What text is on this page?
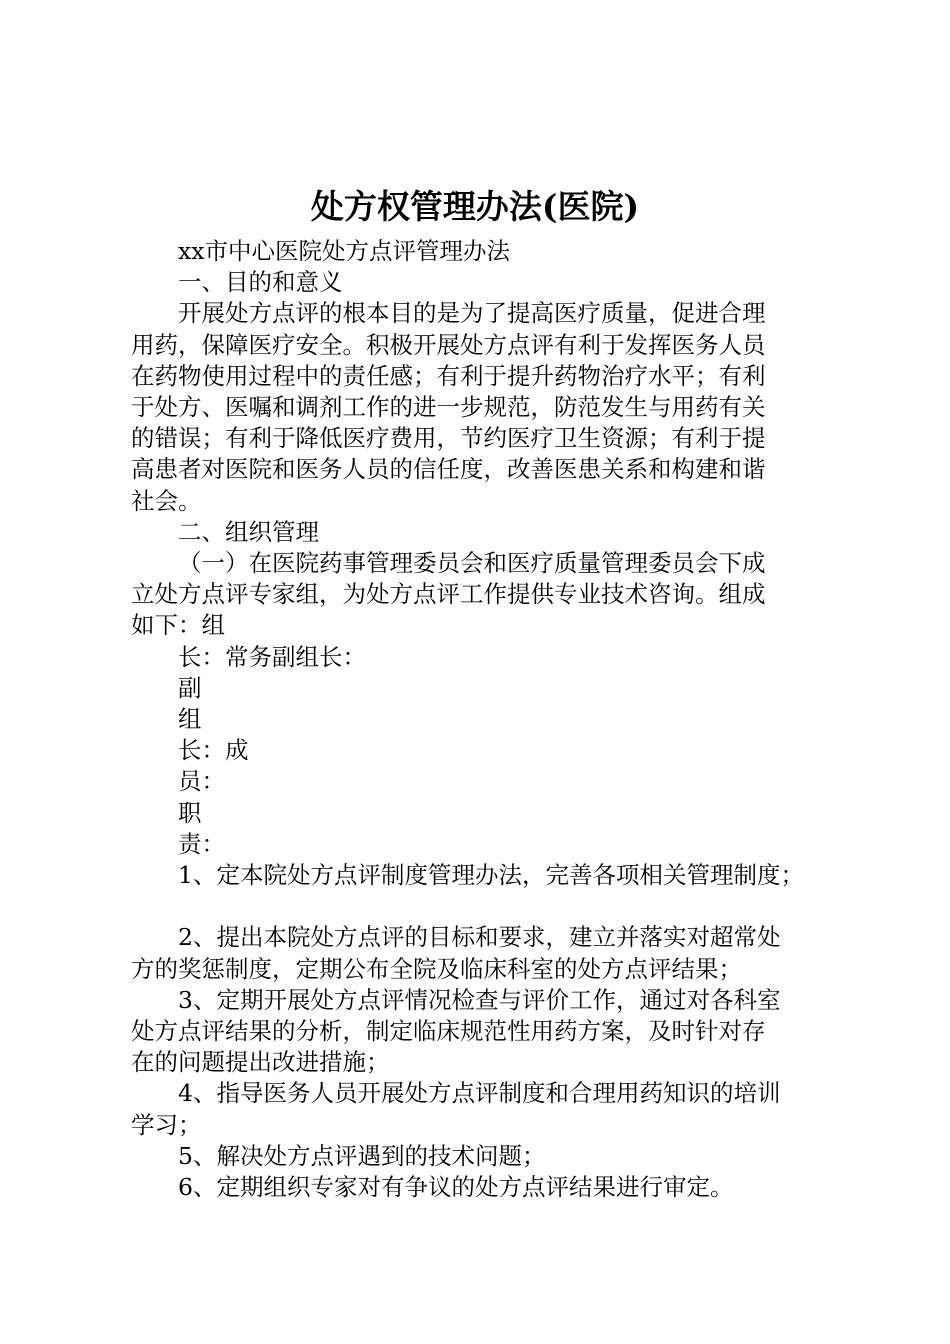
处方权管理办法(医院)

xx市中心医院处方点评管理办法

一、目的和意义

开展处方点评的根本目的是为了提高医疗质量，促进合理

用药，保障医疗安全。积极开展处方点评有利于发挥医务人员

在药物使用过程中的责任感；有利于提升药物治疗水平；有利

于处方、医嘱和调剂工作的进一步规范，防范发生与用药有关

的错误；有利于降低医疗费用，节约医疗卫生资源；有利于提

高患者对医院和医务人员的信任度，改善医患关系和构建和谐

社会。

二、组织管理

（一）在医院药事管理委员会和医疗质量管理委员会下成

立处方点评专家组，为处方点评工作提供专业技术咨询。组成

如下：组

长：常务副组长：

副

组

长：成

员：

职

责：

1、定本院处方点评制度管理办法，完善各项相关管理制度；

2、提出本院处方点评的目标和要求，建立并落实对超常处

方的奖惩制度，定期公布全院及临床科室的处方点评结果；

3、定期开展处方点评情况检查与评价工作，通过对各科室

处方点评结果的分析，制定临床规范性用药方案，及时针对存

在的问题提出改进措施；

4、指导医务人员开展处方点评制度和合理用药知识的培训

学习；

5、解决处方点评遇到的技术问题；

6、定期组织专家对有争议的处方点评结果进行审定。
